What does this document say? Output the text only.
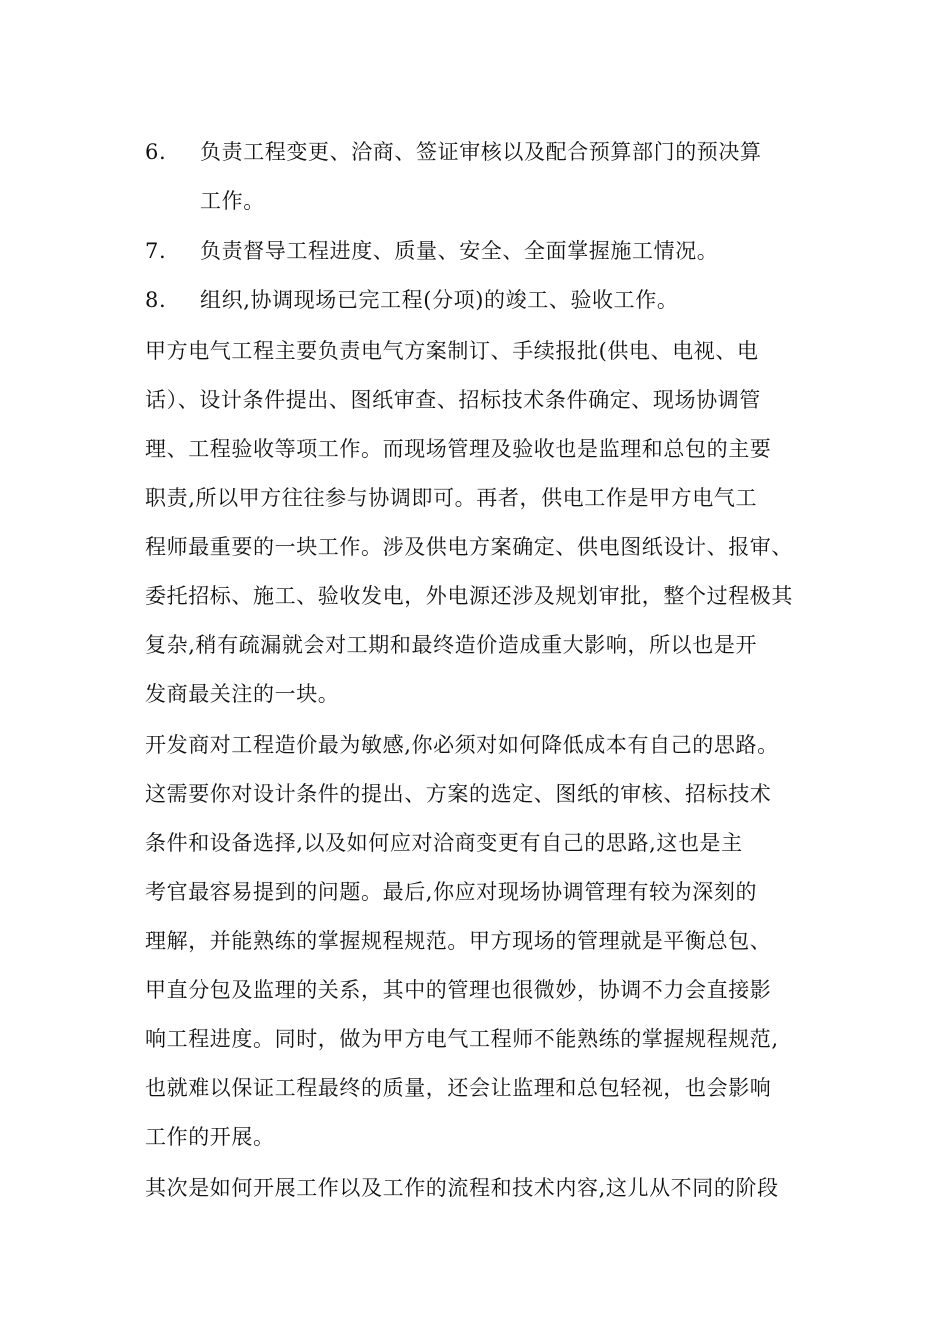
6. 负责工程变更、洽商、签证审核以及配合预算部门的预决算
工作。
7. 负责督导工程进度、质量、安全、全面掌握施工情况。
8. 组织,协调现场已完工程(分项)的竣工、验收工作。
甲方电气工程主要负责电气方案制订、手续报批(供电、电视、电
话）、设计条件提出、图纸审查、招标技术条件确定、现场协调管
理、工程验收等项工作。而现场管理及验收也是监理和总包的主要
职责,所以甲方往往参与协调即可。再者，供电工作是甲方电气工
程师最重要的一块工作。涉及供电方案确定、供电图纸设计、报审、
委托招标、施工、验收发电，外电源还涉及规划审批，整个过程极其
复杂,稍有疏漏就会对工期和最终造价造成重大影响，所以也是开
发商最关注的一块。
开发商对工程造价最为敏感,你必须对如何降低成本有自己的思路。
这需要你对设计条件的提出、方案的选定、图纸的审核、招标技术
条件和设备选择,以及如何应对洽商变更有自己的思路,这也是主
考官最容易提到的问题。最后,你应对现场协调管理有较为深刻的
理解，并能熟练的掌握规程规范。甲方现场的管理就是平衡总包、
甲直分包及监理的关系，其中的管理也很微妙，协调不力会直接影
响工程进度。同时，做为甲方电气工程师不能熟练的掌握规程规范,
也就难以保证工程最终的质量，还会让监理和总包轻视，也会影响
工作的开展。
其次是如何开展工作以及工作的流程和技术内容,这儿从不同的阶段
